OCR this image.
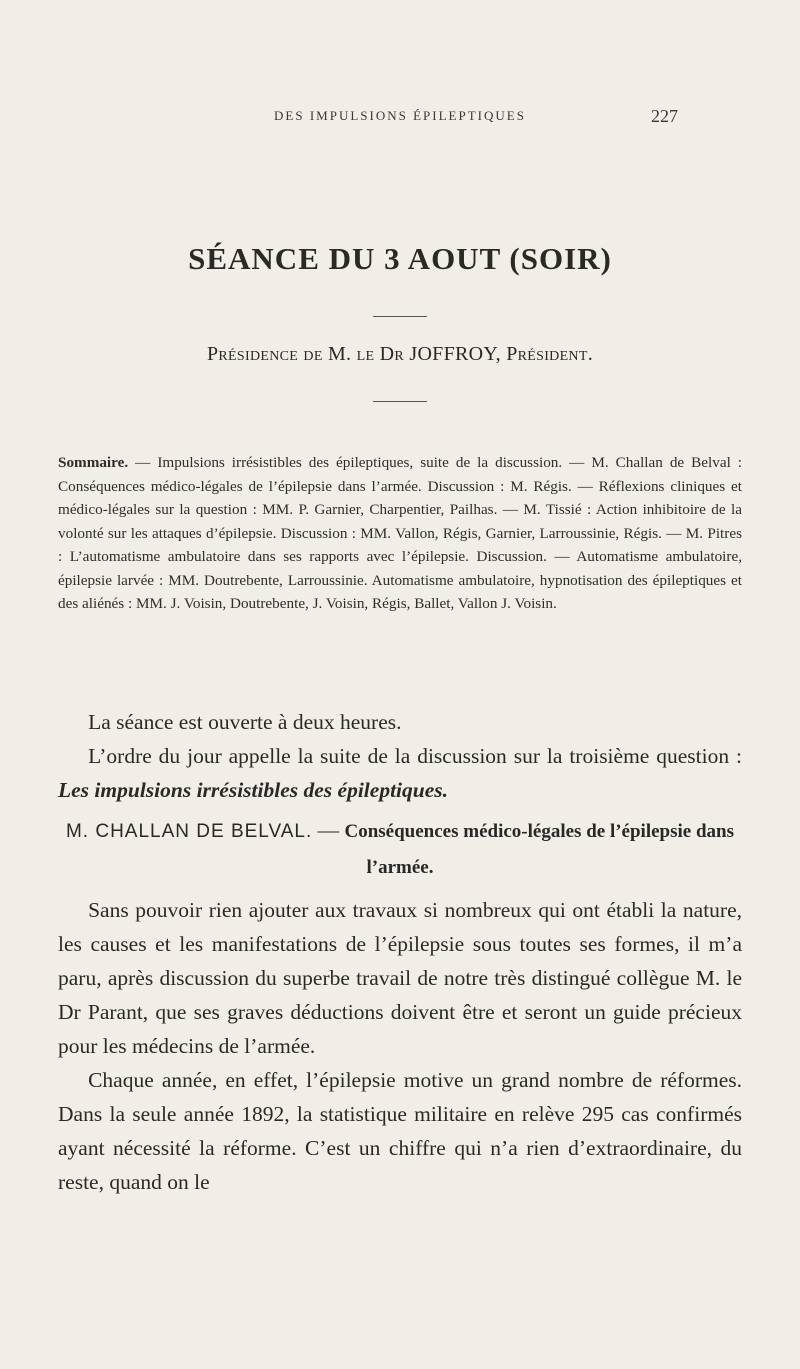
DES IMPULSIONS ÉPILEPTIQUES	227
SÉANCE DU 3 AOUT (SOIR)
Présidence de M. le Dr JOFFROY, Président.

Sommaire. — Impulsions irrésistibles des épileptiques, suite de la discussion. — M. Challan de Belval : Conséquences médico-légales de l’épilepsie dans l’armée. Discussion : M. Régis. — Réflexions cliniques et médico-légales sur la question : MM. P. Garnier, Charpentier, Pailhas. — M. Tissié : Action inhibitoire de la volonté sur les attaques d’épilepsie. Discussion : MM. Vallon, Régis, Garnier, Larroussinie, Régis. — M. Pitres : L’automatisme ambulatoire dans ses rapports avec l’épilepsie. Discussion. — Automatisme ambulatoire, épilepsie larvée : MM. Doutrebente, Larroussinie. Automatisme ambulatoire, hypnotisation des épileptiques et des aliénés : MM. J. Voisin, Doutrebente, J. Voisin, Régis, Ballet, Vallon J. Voisin.

La séance est ouverte à deux heures.

L’ordre du jour appelle la suite de la discussion sur la troisième question : Les impulsions irrésistibles des épileptiques.

M. CHALLAN DE BELVAL. — Conséquences médico-légales de l’épilepsie dans l’armée.

Sans pouvoir rien ajouter aux travaux si nombreux qui ont établi la nature, les causes et les manifestations de l’épilepsie sous toutes ses formes, il m’a paru, après discussion du superbe travail de notre très distingué collègue M. le Dr Parant, que ses graves déductions doivent être et seront un guide précieux pour les médecins de l’armée.

Chaque année, en effet, l’épilepsie motive un grand nombre de réformes. Dans la seule année 1892, la statistique militaire en relève 295 cas confirmés ayant nécessité la réforme. C’est un chiffre qui n’a rien d’extraordinaire, du reste, quand on le
